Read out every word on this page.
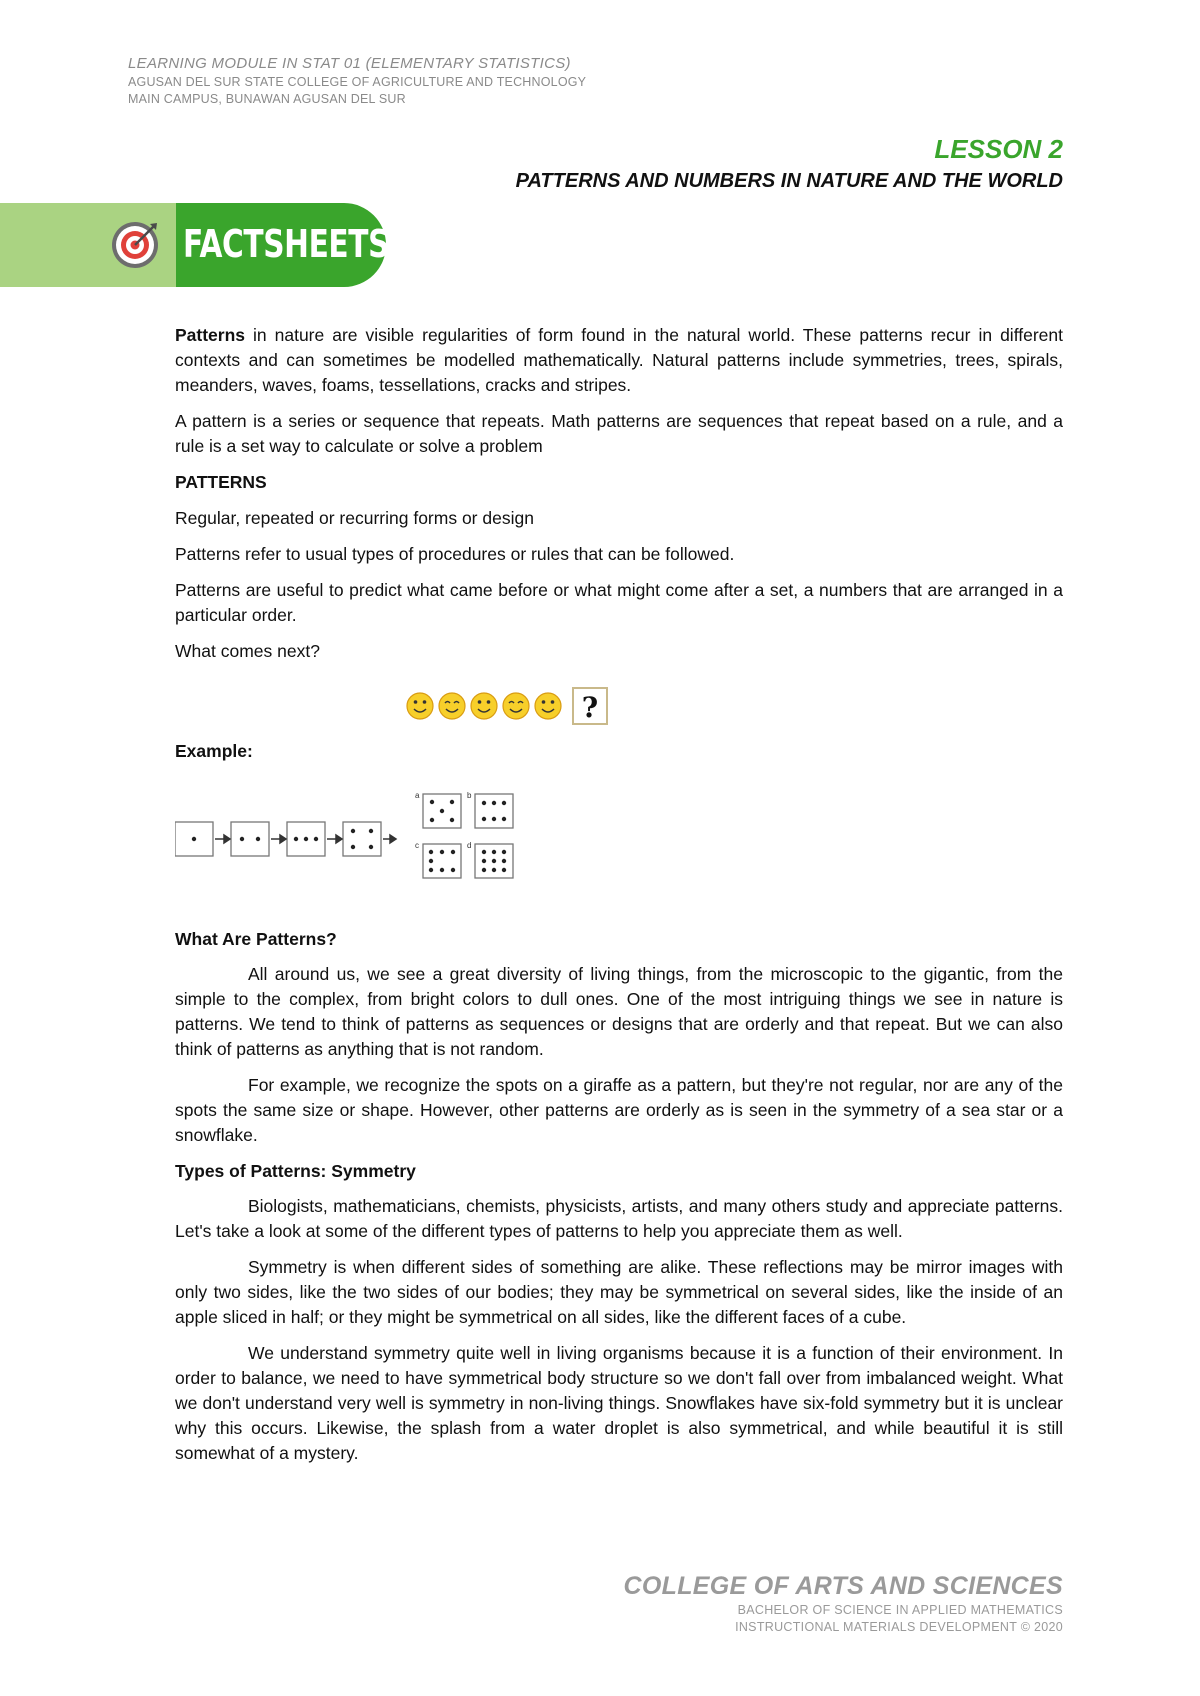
LEARNING MODULE IN STAT 01 (ELEMENTARY STATISTICS)
AGUSAN DEL SUR STATE COLLEGE OF AGRICULTURE AND TECHNOLOGY
MAIN CAMPUS, BUNAWAN AGUSAN DEL SUR
LESSON 2
PATTERNS AND NUMBERS IN NATURE AND THE WORLD
FACTSHEETS

Patterns in nature are visible regularities of form found in the natural world. These patterns recur in different contexts and can sometimes be modelled mathematically. Natural patterns include symmetries, trees, spirals, meanders, waves, foams, tessellations, cracks and stripes.

A pattern is a series or sequence that repeats. Math patterns are sequences that repeat based on a rule, and a rule is a set way to calculate or solve a problem

PATTERNS

Regular, repeated or recurring forms or design

Patterns refer to usual types of procedures or rules that can be followed.

Patterns are useful to predict what came before or what might come after a set, a numbers that are arranged in a particular order.

What comes next?

Example:
What Are Patterns?

All around us, we see a great diversity of living things, from the microscopic to the gigantic, from the simple to the complex, from bright colors to dull ones. One of the most intriguing things we see in nature is patterns. We tend to think of patterns as sequences or designs that are orderly and that repeat. But we can also think of patterns as anything that is not random.

For example, we recognize the spots on a giraffe as a pattern, but they're not regular, nor are any of the spots the same size or shape. However, other patterns are orderly as is seen in the symmetry of a sea star or a snowflake.

Types of Patterns: Symmetry

Biologists, mathematicians, chemists, physicists, artists, and many others study and appreciate patterns. Let's take a look at some of the different types of patterns to help you appreciate them as well.

Symmetry is when different sides of something are alike. These reflections may be mirror images with only two sides, like the two sides of our bodies; they may be symmetrical on several sides, like the inside of an apple sliced in half; or they might be symmetrical on all sides, like the different faces of a cube.

We understand symmetry quite well in living organisms because it is a function of their environment. In order to balance, we need to have symmetrical body structure so we don't fall over from imbalanced weight. What we don't understand very well is symmetry in non-living things. Snowflakes have six-fold symmetry but it is unclear why this occurs. Likewise, the splash from a water droplet is also symmetrical, and while beautiful it is still somewhat of a mystery.

?
a	b
c	d
COLLEGE OF ARTS AND SCIENCES
BACHELOR OF SCIENCE IN APPLIED MATHEMATICS
INSTRUCTIONAL MATERIALS DEVELOPMENT © 2020
